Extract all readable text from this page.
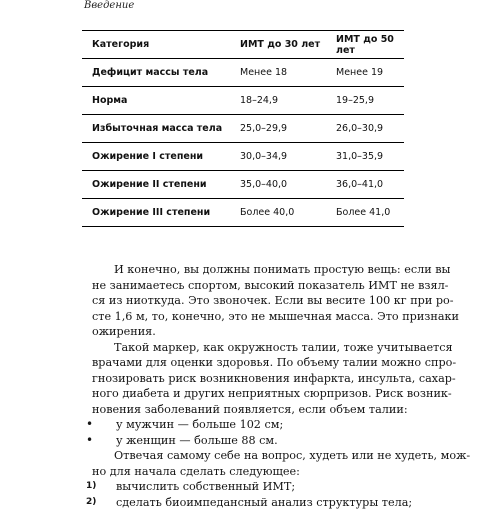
Введение
Категория	ИМТ до 30 лет	ИМТ до 50 лет
Дефицит массы тела	Менее 18	Менее 19
Норма	18–24,9	19–25,9
Избыточная масса тела	25,0–29,9	26,0–30,9
Ожирение I степени	30,0–34,9	31,0–35,9
Ожирение II степени	35,0–40,0	36,0–41,0
Ожирение III степени	Более 40,0	Более 41,0

И конечно, вы должны понимать простую вещь: если вы
не занимаетесь спортом, высокий показатель ИМТ не взял-
ся из ниоткуда. Это звоночек. Если вы весите 100 кг при ро-
сте 1,6 м, то, конечно, это не мышечная масса. Это признаки
ожирения.

Такой маркер, как окружность талии, тоже учитывается
врачами для оценки здоровья. По объему талии можно спро-
гнозировать риск возникновения инфаркта, инсульта, сахар-
ного диабета и других неприятных сюрпризов. Риск возник-
новения заболеваний появляется, если объем талии:

•	у мужчин — больше 102 см;
•	у женщин — больше 88 см.

Отвечая самому себе на вопрос, худеть или не худеть, мож-
но для начала сделать следующее:

1)	вычислить собственный ИМТ;
2)	сделать биоимпедансный анализ структуры тела;
